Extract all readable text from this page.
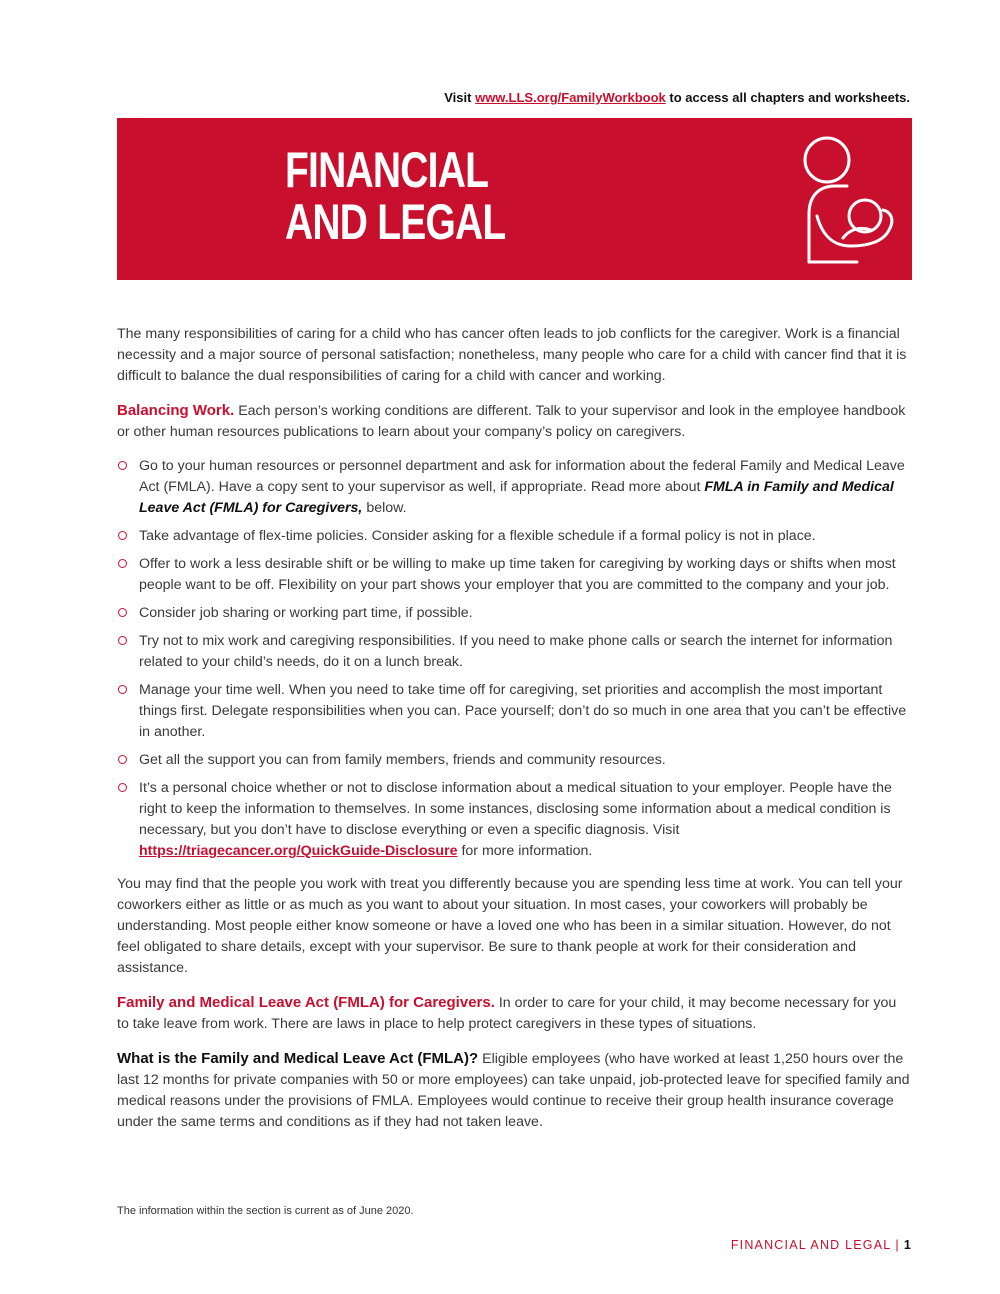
Visit www.LLS.org/FamilyWorkbook to access all chapters and worksheets.
FINANCIAL
AND LEGAL

The many responsibilities of caring for a child who has cancer often leads to job conflicts for the caregiver. Work is a financial necessity and a major source of personal satisfaction; nonetheless, many people who care for a child with cancer find that it is difficult to balance the dual responsibilities of caring for a child with cancer and working.

Balancing Work. Each person’s working conditions are different. Talk to your supervisor and look in the employee handbook or other human resources publications to learn about your company’s policy on caregivers.

Go to your human resources or personnel department and ask for information about the federal Family and Medical Leave Act (FMLA). Have a copy sent to your supervisor as well, if appropriate. Read more about FMLA in Family and Medical Leave Act (FMLA) for Caregivers, below.
Take advantage of flex-time policies. Consider asking for a flexible schedule if a formal policy is not in place.
Offer to work a less desirable shift or be willing to make up time taken for caregiving by working days or shifts when most people want to be off. Flexibility on your part shows your employer that you are committed to the company and your job.
Consider job sharing or working part time, if possible.
Try not to mix work and caregiving responsibilities. If you need to make phone calls or search the internet for information related to your child’s needs, do it on a lunch break.
Manage your time well. When you need to take time off for caregiving, set priorities and accomplish the most important things first. Delegate responsibilities when you can. Pace yourself; don’t do so much in one area that you can’t be effective in another.
Get all the support you can from family members, friends and community resources.
It’s a personal choice whether or not to disclose information about a medical situation to your employer. People have the right to keep the information to themselves. In some instances, disclosing some information about a medical condition is necessary, but you don’t have to disclose everything or even a specific diagnosis. Visit https://triagecancer.org/QuickGuide-Disclosure for more information.

You may find that the people you work with treat you differently because you are spending less time at work. You can tell your coworkers either as little or as much as you want to about your situation. In most cases, your coworkers will probably be understanding. Most people either know someone or have a loved one who has been in a similar situation. However, do not feel obligated to share details, except with your supervisor. Be sure to thank people at work for their consideration and assistance.

Family and Medical Leave Act (FMLA) for Caregivers. In order to care for your child, it may become necessary for you to take leave from work. There are laws in place to help protect caregivers in these types of situations.

What is the Family and Medical Leave Act (FMLA)? Eligible employees (who have worked at least 1,250 hours over the last 12 months for private companies with 50 or more employees) can take unpaid, job-protected leave for specified family and medical reasons under the provisions of FMLA. Employees would continue to receive their group health insurance coverage under the same terms and conditions as if they had not taken leave.

The information within the section is current as of June 2020.
FINANCIAL AND LEGAL | 1
